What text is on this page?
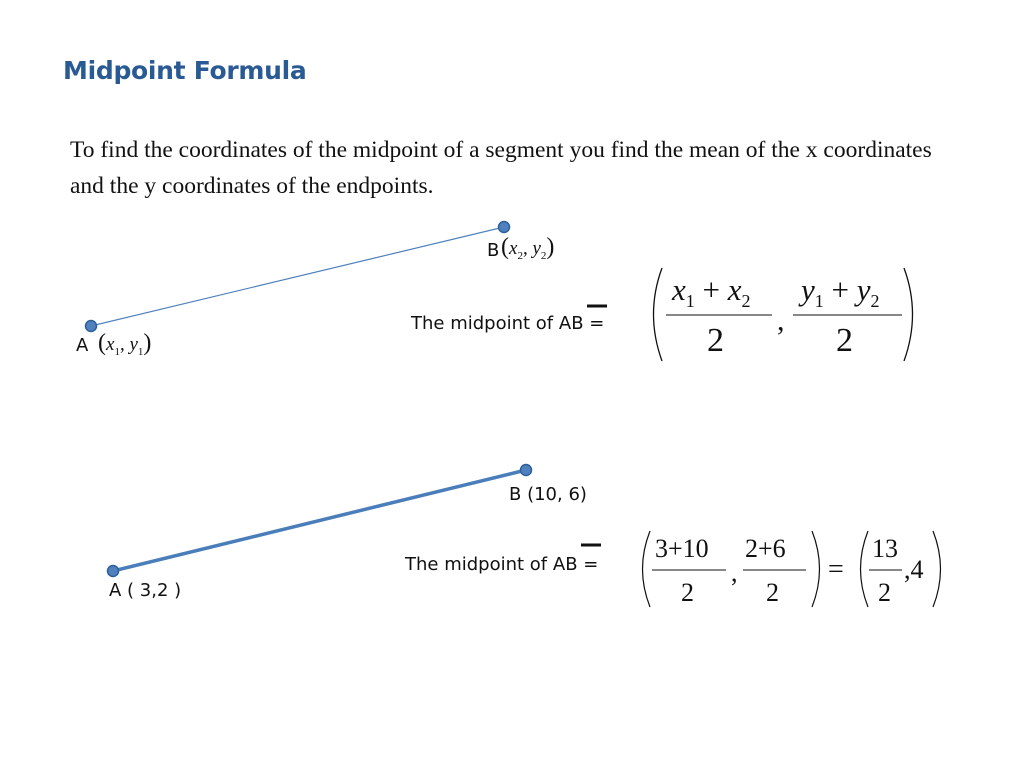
Midpoint Formula
To find the coordinates of the midpoint of a segment you find the mean of the x coordinates and the y coordinates of the endpoints.
B ($x_2$, $y_2$)
A ($x_1$, $y_1$)
The midpoint of AB =
$x_1 + x_2$
2
,
$y_1 + y_2$
2
B (10, 6)
A ( 3,2 )
The midpoint of AB =
3+10
2
,
2+6
2
=
13
2
,4
